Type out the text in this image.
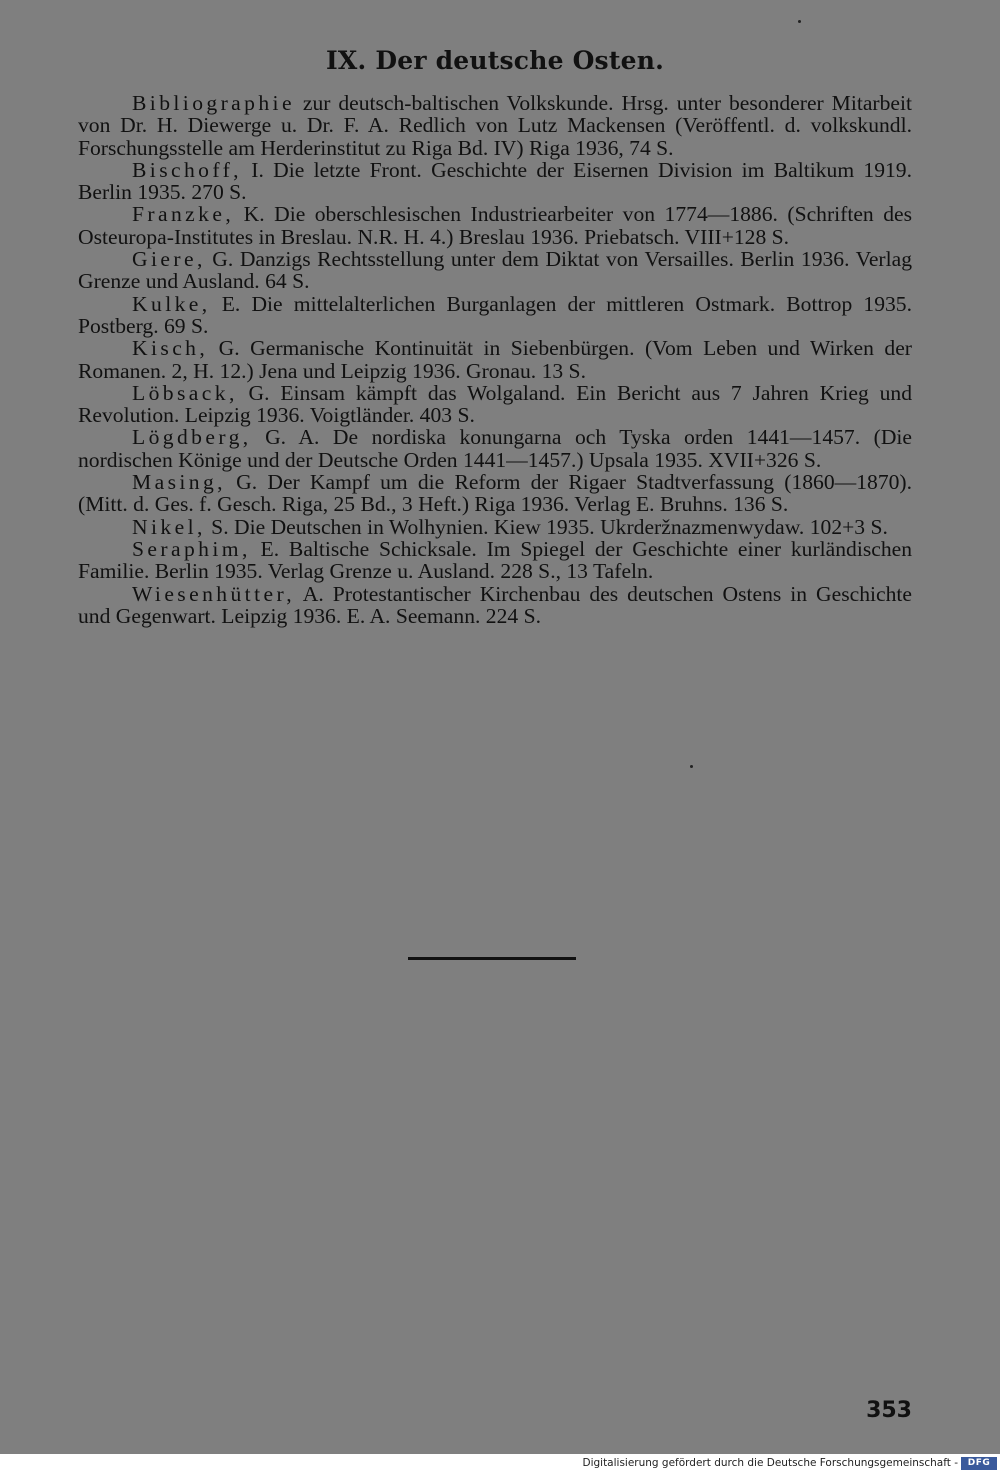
IX. Der deutsche Osten.

Bibliographie zur deutsch-baltischen Volkskunde. Hrsg. unter besonderer Mitarbeit von Dr. H. Diewerge u. Dr. F. A. Redlich von Lutz Mackensen (Veröffentl. d. volkskundl. Forschungsstelle am Herderinstitut zu Riga Bd. IV) Riga 1936, 74 S.

Bischoff, I. Die letzte Front. Geschichte der Eisernen Division im Baltikum 1919. Berlin 1935. 270 S.

Franzke, K. Die oberschlesischen Industriearbeiter von 1774—1886. (Schriften des Osteuropa-Institutes in Breslau. N.R. H. 4.) Breslau 1936. Priebatsch. VIII+128 S.

Giere, G. Danzigs Rechtsstellung unter dem Diktat von Versailles. Berlin 1936. Verlag Grenze und Ausland. 64 S.

Kulke, E. Die mittelalterlichen Burganlagen der mittleren Ostmark. Bottrop 1935. Postberg. 69 S.

Kisch, G. Germanische Kontinuität in Siebenbürgen. (Vom Leben und Wirken der Romanen. 2, H. 12.) Jena und Leipzig 1936. Gronau. 13 S.

Löbsack, G. Einsam kämpft das Wolgaland. Ein Bericht aus 7 Jahren Krieg und Revolution. Leipzig 1936. Voigtländer. 403 S.

Lögdberg, G. A. De nordiska konungarna och Tyska orden 1441—1457. (Die nordischen Könige und der Deutsche Orden 1441—1457.) Upsala 1935. XVII+326 S.

Masing, G. Der Kampf um die Reform der Rigaer Stadtverfassung (1860—1870). (Mitt. d. Ges. f. Gesch. Riga, 25 Bd., 3 Heft.) Riga 1936. Verlag E. Bruhns. 136 S.

Nikel, S. Die Deutschen in Wolhynien. Kiew 1935. Ukrderžnazmenwydaw. 102+3 S.

Seraphim, E. Baltische Schicksale. Im Spiegel der Geschichte einer kurländischen Familie. Berlin 1935. Verlag Grenze u. Ausland. 228 S., 13 Tafeln.

Wiesenhütter, A. Protestantischer Kirchenbau des deutschen Ostens in Geschichte und Gegenwart. Leipzig 1936. E. A. Seemann. 224 S.

353
Digitalisierung gefördert durch die Deutsche Forschungsgemeinschaft -	DFG
